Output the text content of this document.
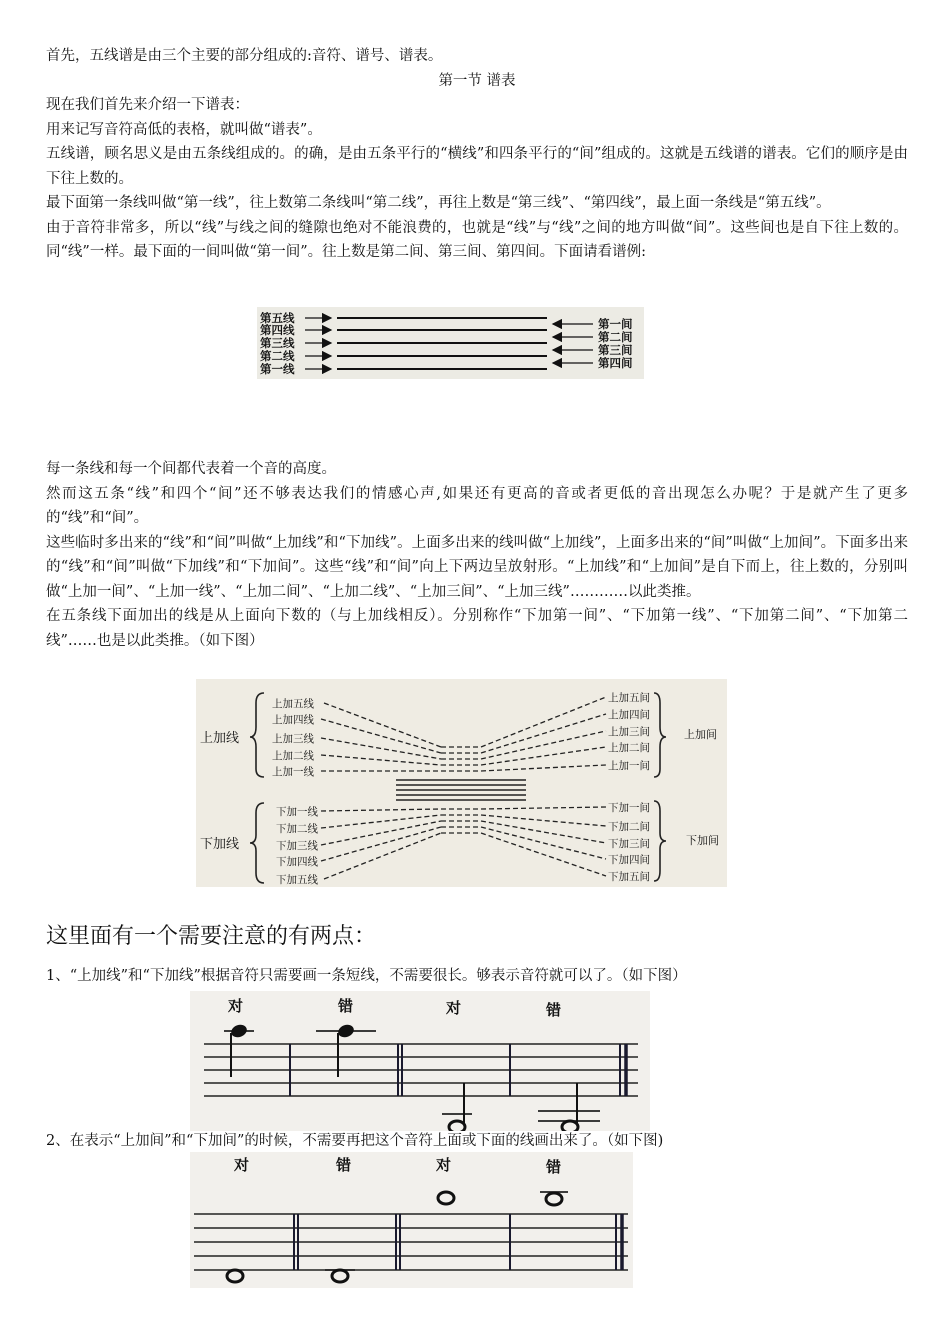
首先，五线谱是由三个主要的部分组成的:音符、谱号、谱表。

第一节 谱表

现在我们首先来介绍一下谱表：

用来记写音符高低的表格，就叫做“谱表”。

五线谱，顾名思义是由五条线组成的。的确，是由五条平行的“横线”和四条平行的“间”组成的。这就是五线谱的谱表。它们的顺序是由下往上数的。

最下面第一条线叫做“第一线”，往上数第二条线叫“第二线”，再往上数是“第三线”、“第四线”，最上面一条线是“第五线”。

由于音符非常多，所以“线”与线之间的缝隙也绝对不能浪费的，也就是“线”与“线”之间的地方叫做“间”。这些间也是自下往上数的。同“线”一样。最下面的一间叫做“第一间”。往上数是第二间、第三间、第四间。下面请看谱例:

第五线
第四线
第三线
第二线
第一线
第一间
第二间
第三间
第四间

每一条线和每一个间都代表着一个音的高度。

然而这五条“线”和四个“间”还不够表达我们的情感心声,如果还有更高的音或者更低的音出现怎么办呢？于是就产生了更多的“线”和“间”。

这些临时多出来的“线”和“间”叫做“上加线”和“下加线”。上面多出来的线叫做“上加线”，上面多出来的“间”叫做“上加间”。下面多出来的“线”和“间”叫做“下加线”和“下加间”。这些“线”和“间”向上下两边呈放射形。“上加线”和“上加间”是自下而上，往上数的，分别叫做“上加一间”、“上加一线”、“上加二间”、“上加二线”、“上加三间”、“上加三线”…………以此类推。

在五条线下面加出的线是从上面向下数的（与上加线相反）。分别称作“下加第一间”、“下加第一线”、“下加第二间”、“下加第二线”……也是以此类推。（如下图）

上加线
下加线
上加间
下加间
上加五线
上加四线
上加三线
上加二线
上加一线
下加一线
下加二线
下加三线
下加四线
下加五线
上加五间
上加四间
上加三间
上加二间
上加一间
下加一间
下加二间
下加三间
下加四间
下加五间

这里面有一个需要注意的有两点：

1、“上加线”和“下加线”根据音符只需要画一条短线，不需要很长。够表示音符就可以了。（如下图）

对	错	对	错

2、在表示“上加间”和“下加间”的时候，不需要再把这个音符上面或下面的线画出来了。（如下图)

对	错	对	错
